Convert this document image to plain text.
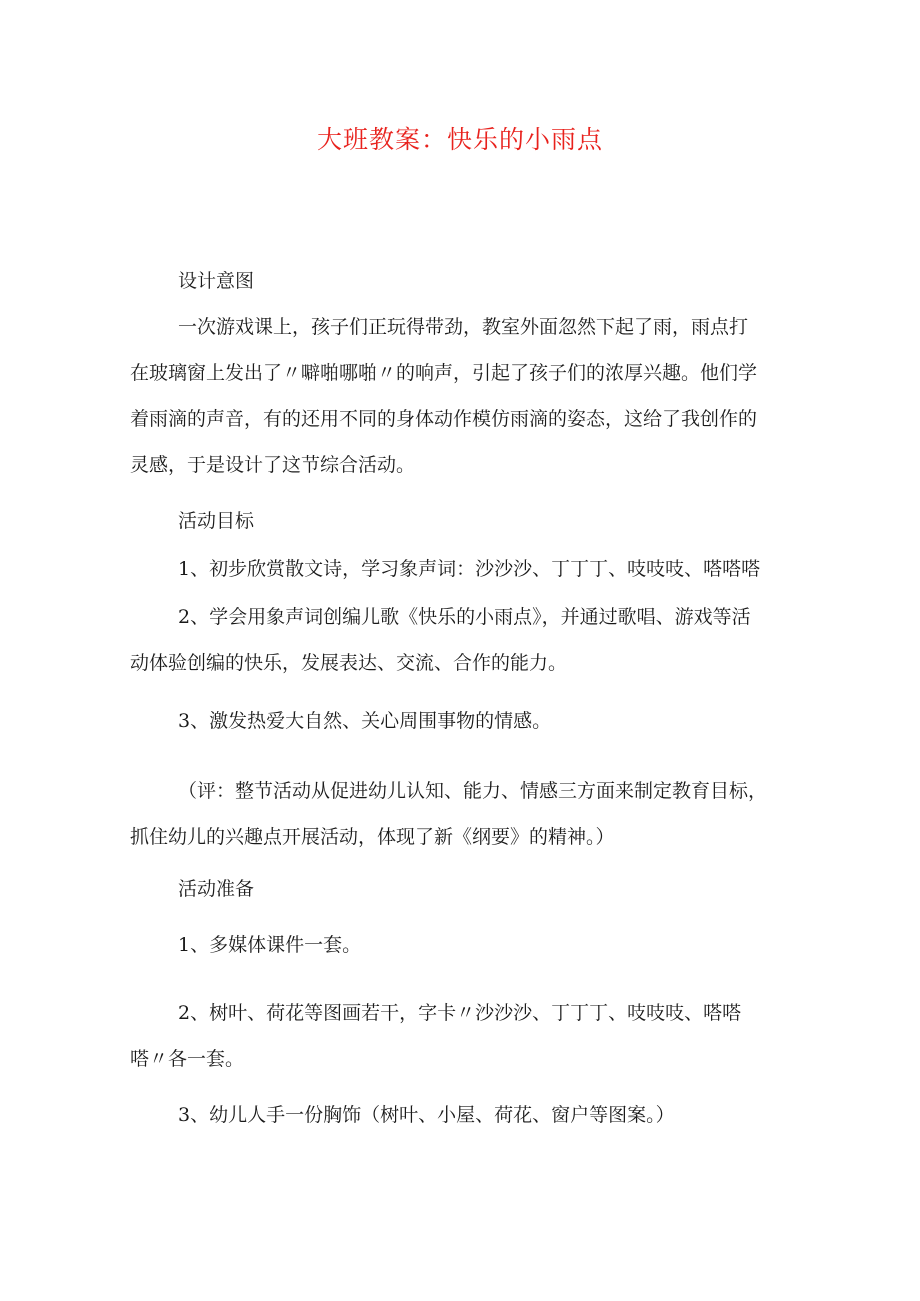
大班教案：快乐的小雨点
设计意图
一次游戏课上，孩子们正玩得带劲，教室外面忽然下起了雨，雨点打
在玻璃窗上发出了〃噼啪哪啪〃的响声，引起了孩子们的浓厚兴趣。他们学
着雨滴的声音，有的还用不同的身体动作模仿雨滴的姿态，这给了我创作的
灵感，于是设计了这节综合活动。
活动目标
1、初步欣赏散文诗，学习象声词：沙沙沙、丁丁丁、吱吱吱、嗒嗒嗒
2、学会用象声词创编儿歌《快乐的小雨点》，并通过歌唱、游戏等活
动体验创编的快乐，发展表达、交流、合作的能力。
3、激发热爱大自然、关心周围事物的情感。
（评：整节活动从促进幼儿认知、能力、情感三方面来制定教育目标，
抓住幼儿的兴趣点开展活动，体现了新《纲要》的精神。）
活动准备
1、多媒体课件一套。
2、树叶、荷花等图画若干，字卡〃沙沙沙、丁丁丁、吱吱吱、嗒嗒
嗒〃各一套。
3、幼儿人手一份胸饰（树叶、小屋、荷花、窗户等图案。）
